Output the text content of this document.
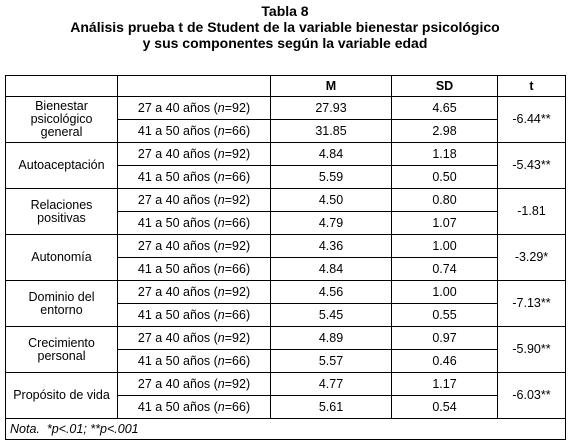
Tabla 8
Análisis prueba t de Student de la variable bienestar psicológico
y sus componentes según la variable edad
		M	SD	t
Bienestar psicológico general	27 a 40 años (n=92)	27.93	4.65	-6.44**
	41 a 50 años (n=66)	31.85	2.98	
Autoaceptación	27 a 40 años (n=92)	4.84	1.18	-5.43**
	41 a 50 años (n=66)	5.59	0.50	
Relaciones positivas	27 a 40 años (n=92)	4.50	0.80	-1.81
	41 a 50 años (n=66)	4.79	1.07	
Autonomía	27 a 40 años (n=92)	4.36	1.00	-3.29*
	41 a 50 años (n=66)	4.84	0.74	
Dominio del entorno	27 a 40 años (n=92)	4.56	1.00	-7.13**
	41 a 50 años (n=66)	5.45	0.55	
Crecimiento personal	27 a 40 años (n=92)	4.89	0.97	-5.90**
	41 a 50 años (n=66)	5.57	0.46	
Propósito de vida	27 a 40 años (n=92)	4.77	1.17	-6.03**
	41 a 50 años (n=66)	5.61	0.54	
Nota. *p<.01; **p<.001				
